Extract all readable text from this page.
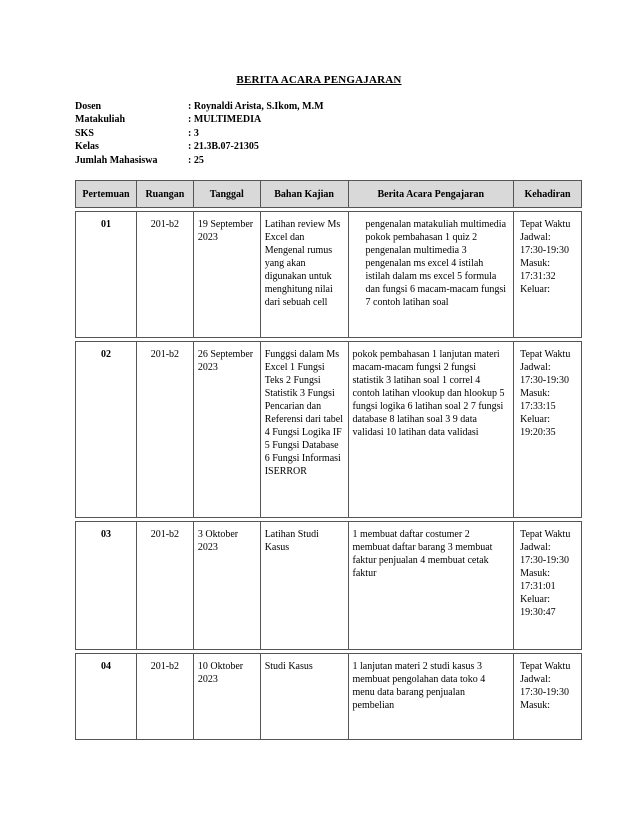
BERITA ACARA PENGAJARAN
Dosen	: Roynaldi Arista, S.Ikom, M.M
Matakuliah	: MULTIMEDIA
SKS	: 3
Kelas	: 21.3B.07-21305
Jumlah Mahasiswa	: 25
Pertemuan	Ruangan	Tanggal	Bahan Kajian	Berita Acara Pengajaran	Kehadiran

01	201-b2	19 September 2023	Latihan review Ms Excel dan Mengenal rumus yang akan digunakan untuk menghitung nilai dari sebuah cell	pengenalan matakuliah multimedia pokok pembahasan 1 quiz 2 pengenalan multimedia 3 pengenalan ms excel 4 istilah istilah dalam ms excel 5 formula dan fungsi 6 macam-macam fungsi 7 contoh latihan soal	Tepat Waktu Jadwal: 17:30-19:30 Masuk: 17:31:32 Keluar:

02	201-b2	26 September 2023	Funggsi dalam Ms Excel 1 Fungsi Teks 2 Fungsi Statistik 3 Fungsi Pencarian dan Referensi dari tabel 4 Fungsi Logika IF 5 Fungsi Database 6 Fungsi Informasi ISERROR	pokok pembahasan 1 lanjutan materi macam-macam fungsi 2 fungsi statistik 3 latihan soal 1 correl 4 contoh latihan vlookup dan hlookup 5 fungsi logika 6 latihan soal 2 7 fungsi database 8 latihan soal 3 9 data validasi 10 latihan data validasi	Tepat Waktu Jadwal: 17:30-19:30 Masuk: 17:33:15 Keluar: 19:20:35

03	201-b2	3 Oktober 2023	Latihan Studi Kasus	1 membuat daftar costumer 2 membuat daftar barang 3 membuat faktur penjualan 4 membuat cetak faktur	Tepat Waktu Jadwal: 17:30-19:30 Masuk: 17:31:01 Keluar: 19:30:47

04	201-b2	10 Oktober 2023	Studi Kasus	1 lanjutan materi 2 studi kasus 3 membuat pengolahan data toko 4 menu data barang penjualan pembelian	Tepat Waktu Jadwal: 17:30-19:30 Masuk:
